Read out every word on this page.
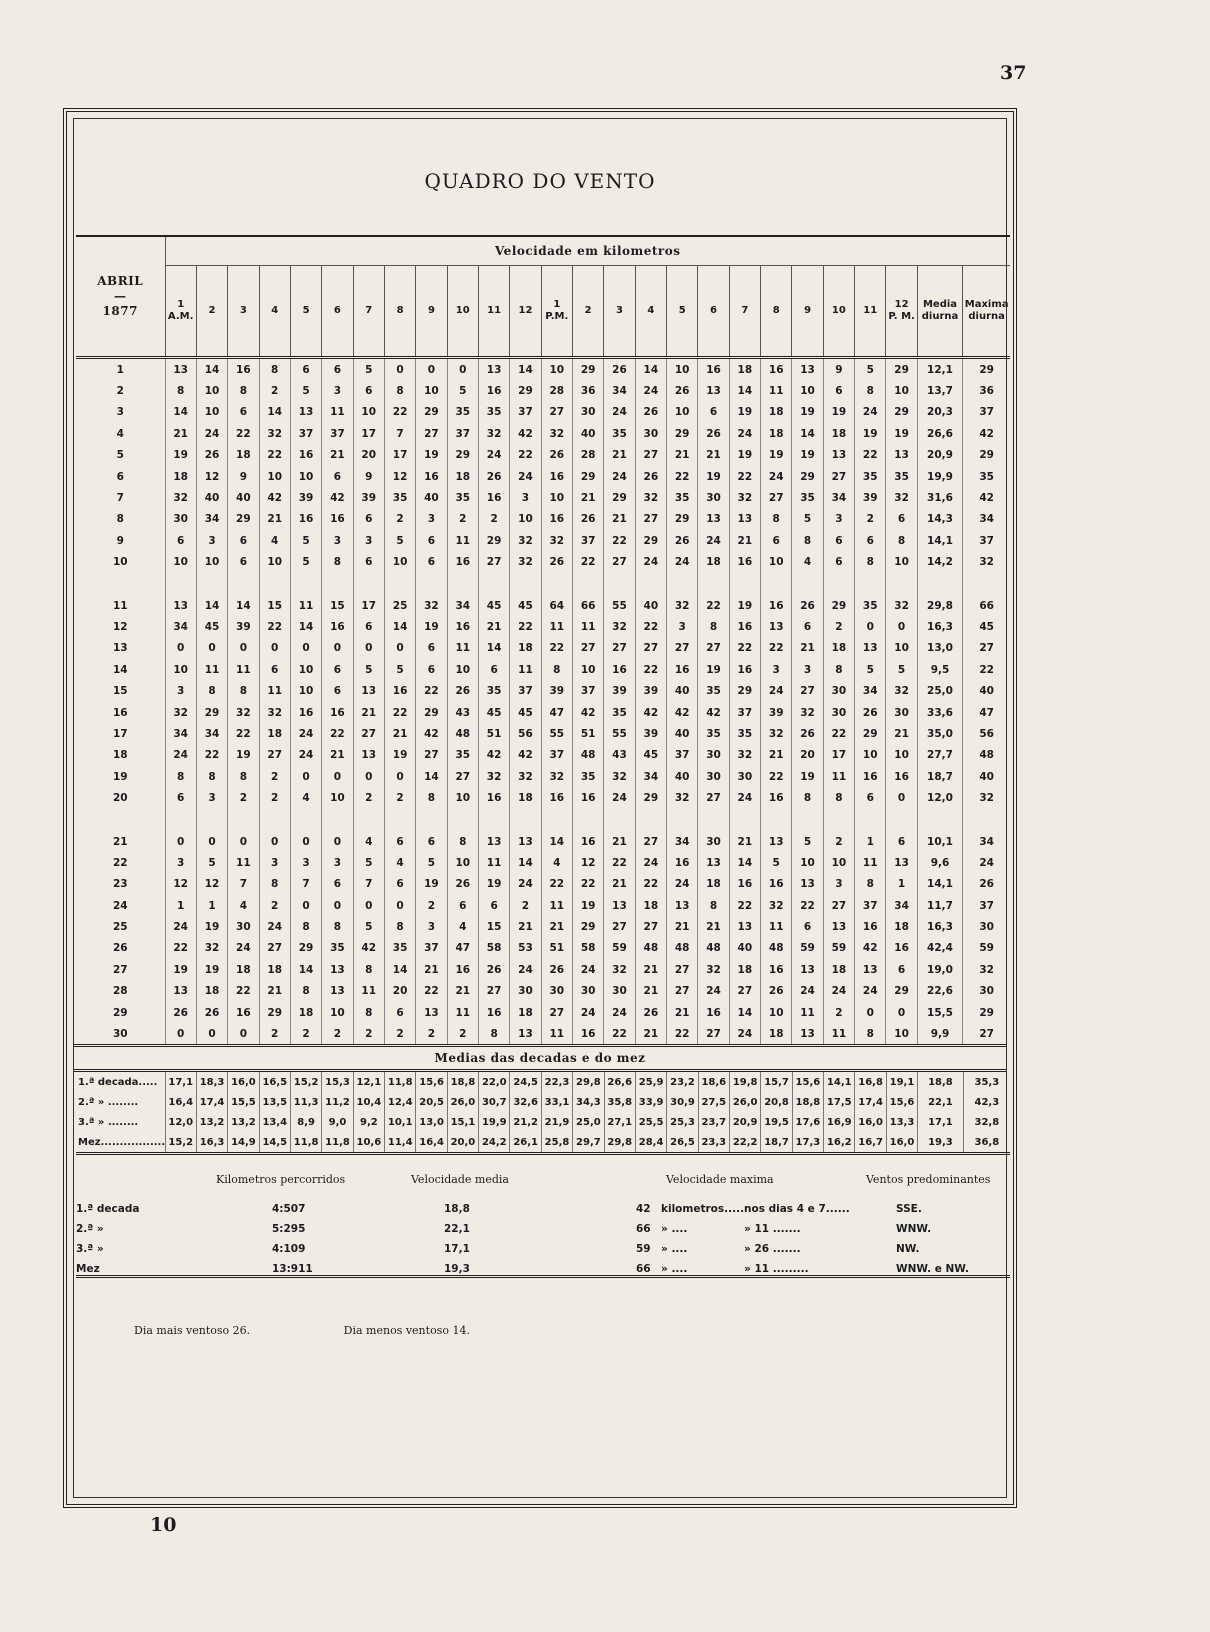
37
QUADRO DO VENTO
ABRIL
—
1877	Velocidade em kilometros																									
	1
A.M.	2	3	4	5	6	7	8	9	10	11	12	1
P.M.	2	3	4	5	6	7	8	9	10	11	12
P. M.	Media
diurna	Maxima
diurna
1	13	14	16	8	6	6	5	0	0	0	13	14	10	29	26	14	10	16	18	16	13	9	5	29	12,1	29
2	8	10	8	2	5	3	6	8	10	5	16	29	28	36	34	24	26	13	14	11	10	6	8	10	13,7	36
3	14	10	6	14	13	11	10	22	29	35	35	37	27	30	24	26	10	6	19	18	19	19	24	29	20,3	37
4	21	24	22	32	37	37	17	7	27	37	32	42	32	40	35	30	29	26	24	18	14	18	19	19	26,6	42
5	19	26	18	22	16	21	20	17	19	29	24	22	26	28	21	27	21	21	19	19	19	13	22	13	20,9	29
6	18	12	9	10	10	6	9	12	16	18	26	24	16	29	24	26	22	19	22	24	29	27	35	35	19,9	35
7	32	40	40	42	39	42	39	35	40	35	16	3	10	21	29	32	35	30	32	27	35	34	39	32	31,6	42
8	30	34	29	21	16	16	6	2	3	2	2	10	16	26	21	27	29	13	13	8	5	3	2	6	14,3	34
9	6	3	6	4	5	3	3	5	6	11	29	32	32	37	22	29	26	24	21	6	8	6	6	8	14,1	37
10	10	10	6	10	5	8	6	10	6	16	27	32	26	22	27	24	24	18	16	10	4	6	8	10	14,2	32

11	13	14	14	15	11	15	17	25	32	34	45	45	64	66	55	40	32	22	19	16	26	29	35	32	29,8	66
12	34	45	39	22	14	16	6	14	19	16	21	22	11	11	32	22	3	8	16	13	6	2	0	0	16,3	45
13	0	0	0	0	0	0	0	0	6	11	14	18	22	27	27	27	27	27	22	22	21	18	13	10	13,0	27
14	10	11	11	6	10	6	5	5	6	10	6	11	8	10	16	22	16	19	16	3	3	8	5	5	9,5	22
15	3	8	8	11	10	6	13	16	22	26	35	37	39	37	39	39	40	35	29	24	27	30	34	32	25,0	40
16	32	29	32	32	16	16	21	22	29	43	45	45	47	42	35	42	42	42	37	39	32	30	26	30	33,6	47
17	34	34	22	18	24	22	27	21	42	48	51	56	55	51	55	39	40	35	35	32	26	22	29	21	35,0	56
18	24	22	19	27	24	21	13	19	27	35	42	42	37	48	43	45	37	30	32	21	20	17	10	10	27,7	48
19	8	8	8	2	0	0	0	0	14	27	32	32	32	35	32	34	40	30	30	22	19	11	16	16	18,7	40
20	6	3	2	2	4	10	2	2	8	10	16	18	16	16	24	29	32	27	24	16	8	8	6	0	12,0	32

21	0	0	0	0	0	0	4	6	6	8	13	13	14	16	21	27	34	30	21	13	5	2	1	6	10,1	34
22	3	5	11	3	3	3	5	4	5	10	11	14	4	12	22	24	16	13	14	5	10	10	11	13	9,6	24
23	12	12	7	8	7	6	7	6	19	26	19	24	22	22	21	22	24	18	16	16	13	3	8	1	14,1	26
24	1	1	4	2	0	0	0	0	2	6	6	2	11	19	13	18	13	8	22	32	22	27	37	34	11,7	37
25	24	19	30	24	8	8	5	8	3	4	15	21	21	29	27	27	21	21	13	11	6	13	16	18	16,3	30
26	22	32	24	27	29	35	42	35	37	47	58	53	51	58	59	48	48	48	40	48	59	59	42	16	42,4	59
27	19	19	18	18	14	13	8	14	21	16	26	24	26	24	32	21	27	32	18	16	13	18	13	6	19,0	32
28	13	18	22	21	8	13	11	20	22	21	27	30	30	30	30	21	27	24	27	26	24	24	24	29	22,6	30
29	26	26	16	29	18	10	8	6	13	11	16	18	27	24	24	26	21	16	14	10	11	2	0	0	15,5	29
30	0	0	0	2	2	2	2	2	2	2	8	13	11	16	22	21	22	27	24	18	13	11	8	10	9,9	27
Medias das decadas e do mez
1.ª decada.....	17,1	18,3	16,0	16,5	15,2	15,3	12,1	11,8	15,6	18,8	22,0	24,5	22,3	29,8	26,6	25,9	23,2	18,6	19,8	15,7	15,6	14,1	16,8	19,1	18,8	35,3
2.ª » ........	16,4	17,4	15,5	13,5	11,3	11,2	10,4	12,4	20,5	26,0	30,7	32,6	33,1	34,3	35,8	33,9	30,9	27,5	26,0	20,8	18,8	17,5	17,4	15,6	22,1	42,3
3.ª » ........	12,0	13,2	13,2	13,4	8,9	9,0	9,2	10,1	13,0	15,1	19,9	21,2	21,9	25,0	27,1	25,5	25,3	23,7	20,9	19,5	17,6	16,9	16,0	13,3	17,1	32,8
Mez.................	15,2	16,3	14,9	14,5	11,8	11,8	10,6	11,4	16,4	20,0	24,2	26,1	25,8	29,7	29,8	28,4	26,5	23,3	22,2	18,7	17,3	16,2	16,7	16,0	19,3	36,8
Kilometros percorridos	Velocidade media	Velocidade maxima	Ventos predominantes
1.ª decada	4:507	18,8	42 kilometros..... nos dias 4 e 7......	SSE.
2.ª »	5:295	22,1	66 » ....	» 11 .......	WNW.
3.ª »	4:109	17,1	59 » ....	» 26 .......	NW.
Mez	13:911	19,3	66 » ....	» 11 .........	WNW. e NW.
Dia mais ventoso 26.	Dia menos ventoso 14.
10
